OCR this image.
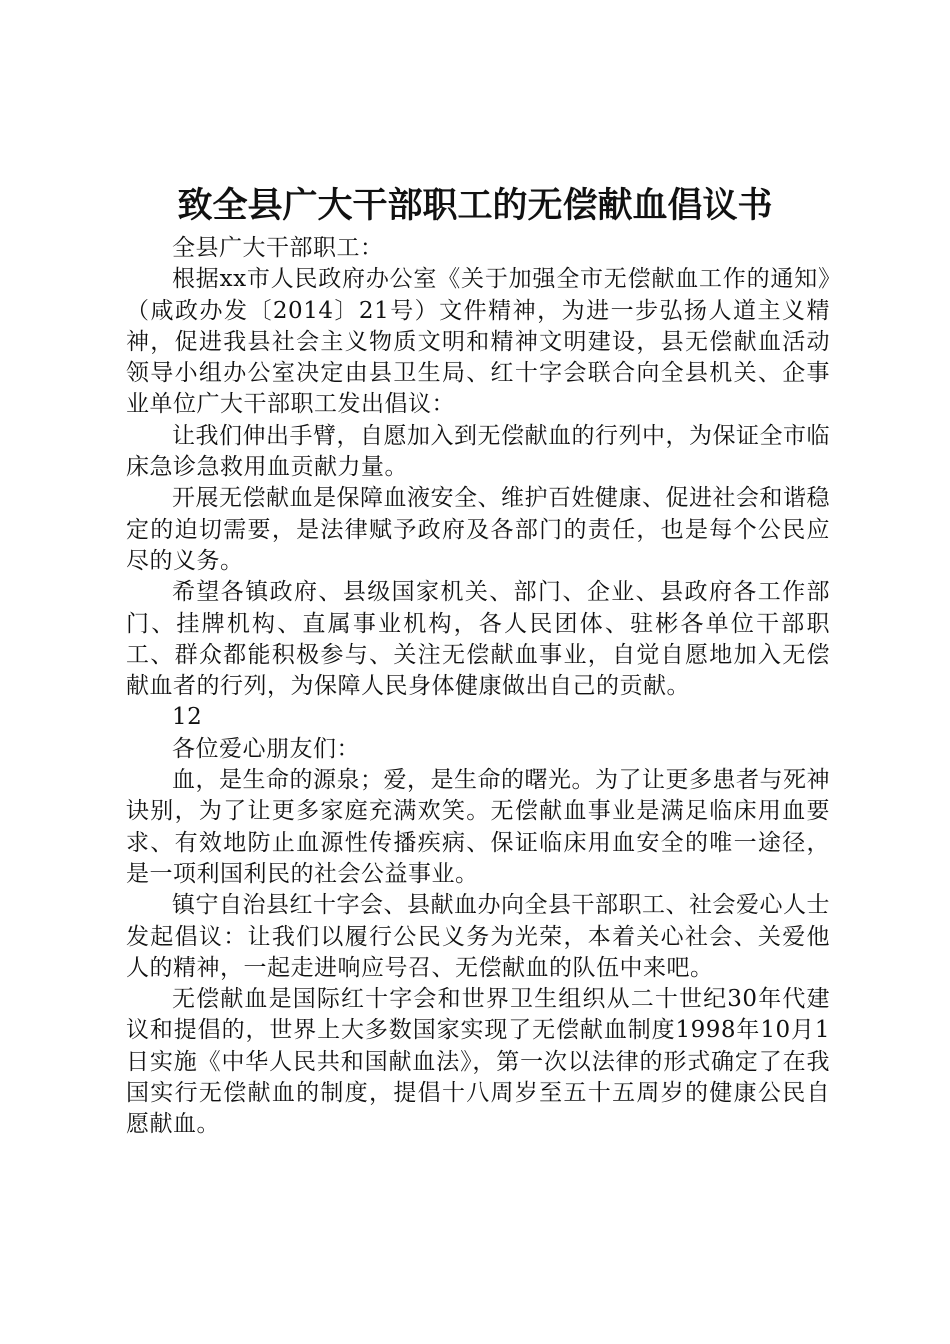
致全县广大干部职工的无偿献血倡议书

全县广大干部职工：

根据xx市人民政府办公室《关于加强全市无偿献血工作的通知》（咸政办发〔2014〕21号）文件精神，为进一步弘扬人道主义精神，促进我县社会主义物质文明和精神文明建设，县无偿献血活动领导小组办公室决定由县卫生局、红十字会联合向全县机关、企事业单位广大干部职工发出倡议：

让我们伸出手臂，自愿加入到无偿献血的行列中，为保证全市临床急诊急救用血贡献力量。

开展无偿献血是保障血液安全、维护百姓健康、促进社会和谐稳定的迫切需要，是法律赋予政府及各部门的责任，也是每个公民应尽的义务。

希望各镇政府、县级国家机关、部门、企业、县政府各工作部门、挂牌机构、直属事业机构，各人民团体、驻彬各单位干部职工、群众都能积极参与、关注无偿献血事业，自觉自愿地加入无偿献血者的行列，为保障人民身体健康做出自己的贡献。

12

各位爱心朋友们：

血，是生命的源泉；爱，是生命的曙光。为了让更多患者与死神诀别，为了让更多家庭充满欢笑。无偿献血事业是满足临床用血要求、有效地防止血源性传播疾病、保证临床用血安全的唯一途径，是一项利国利民的社会公益事业。

镇宁自治县红十字会、县献血办向全县干部职工、社会爱心人士发起倡议：让我们以履行公民义务为光荣，本着关心社会、关爱他人的精神，一起走进响应号召、无偿献血的队伍中来吧。

无偿献血是国际红十字会和世界卫生组织从二十世纪30年代建议和提倡的，世界上大多数国家实现了无偿献血制度1998年10月1日实施《中华人民共和国献血法》，第一次以法律的形式确定了在我国实行无偿献血的制度，提倡十八周岁至五十五周岁的健康公民自愿献血。
